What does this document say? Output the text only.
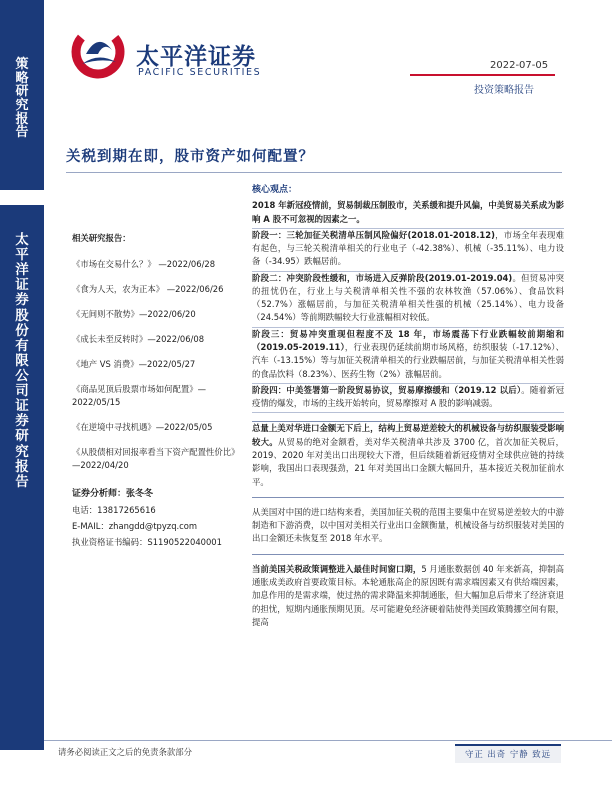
策
略
研
究
报
告
太
平
洋
证
券
股
份
有
限
公
司
证
券
研
究
报
告
太平洋证券
PACIFIC SECURITIES
2022-07-05
投资策略报告
关税到期在即，股市资产如何配置？
相关研究报告：
《市场在交易什么？》 —2022/06/28
《食为人天，农为正本》 —2022/06/26
《无间则不散势》—2022/06/20
《成长未至反转时》—2022/06/08
《地产 VS 消费》—2022/05/27
《商品见顶后股票市场如何配置》—2022/05/15
《在逆境中寻找机遇》—2022/05/05
《从股债相对回报率看当下资产配置性价比》—2022/04/20
证券分析师：张冬冬
电话：13817265616
E-MAIL：zhangdd@tpyzq.com
执业资格证书编码：S1190522040001
核心观点：

2018 年新冠疫情前，贸易制裁压制股市，关系缓和提升风偏，中美贸易关系成为影响 A 股不可忽视的因素之一。

阶段一：三轮加征关税清单压制风险偏好(2018.01-2018.12)，市场全年表现难有起色，与三轮关税清单相关的行业电子（-42.38%）、机械（-35.11%）、电力设备（-34.95）跌幅居前。

阶段二：冲突阶段性缓和，市场进入反弹阶段(2019.01-2019.04)。但贸易冲突的扭忧仍在，行业上与关税清单相关性不强的农林牧渔（57.06%）、食品饮料（52.7%）涨幅居前，与加征关税清单相关性强的机械（25.14%）、电力设备（24.54%）等前期跌幅较大行业涨幅相对较低。

阶段三：贸易冲突重现但程度不及 18 年，市场震荡下行业跌幅较前期缩和（2019.05-2019.11），行业表现仍延续前期市场风格，纺织服装（-17.12%）、汽车（-13.15%）等与加征关税清单相关的行业跌幅居前，与加征关税清单相关性弱的食品饮料（8.23%）、医药生物（2%）涨幅居前。

阶段四：中美签署第一阶段贸易协议，贸易摩擦缓和（2019.12 以后）。随着新冠疫情的爆发，市场的主线开始转向，贸易摩擦对 A 股的影响减弱。

总量上美对华进口金额无下后上，结构上贸易逆差较大的机械设备与纺织服装受影响较大。从贸易的绝对金额看，美对华关税清单共涉及 3700 亿，首次加征关税后，2019、2020 年对美出口出现较大下滑，但后续随着新冠疫情对全球供应链的持续影响，我国出口表现强劲，21 年对美国出口金额大幅回升，基本接近关税加征前水平。

从美国对中国的进口结构来看，美国加征关税的范围主要集中在贸易逆差较大的中游制造和下游消费，以中国对美相关行业出口金额衡量，机械设备与纺织服装对美国的出口金额还未恢复至 2018 年水平。

当前美国关税政策调整进入最佳时间窗口期，5 月通胀数据创 40 年来新高，抑制高通胀成美政府首要政策目标。本轮通胀高企的原因既有需求端因素又有供给端因素，加息作用的是需求端，使过热的需求降温来抑制通胀，但大幅加息后带来了经济衰退的担忧，短期内通胀预期见顶。尽可能避免经济硬着陆使得美国政策腾挪空间有限，提高

请务必阅读正文之后的免责条款部分	守正 出奇 宁静 致远
